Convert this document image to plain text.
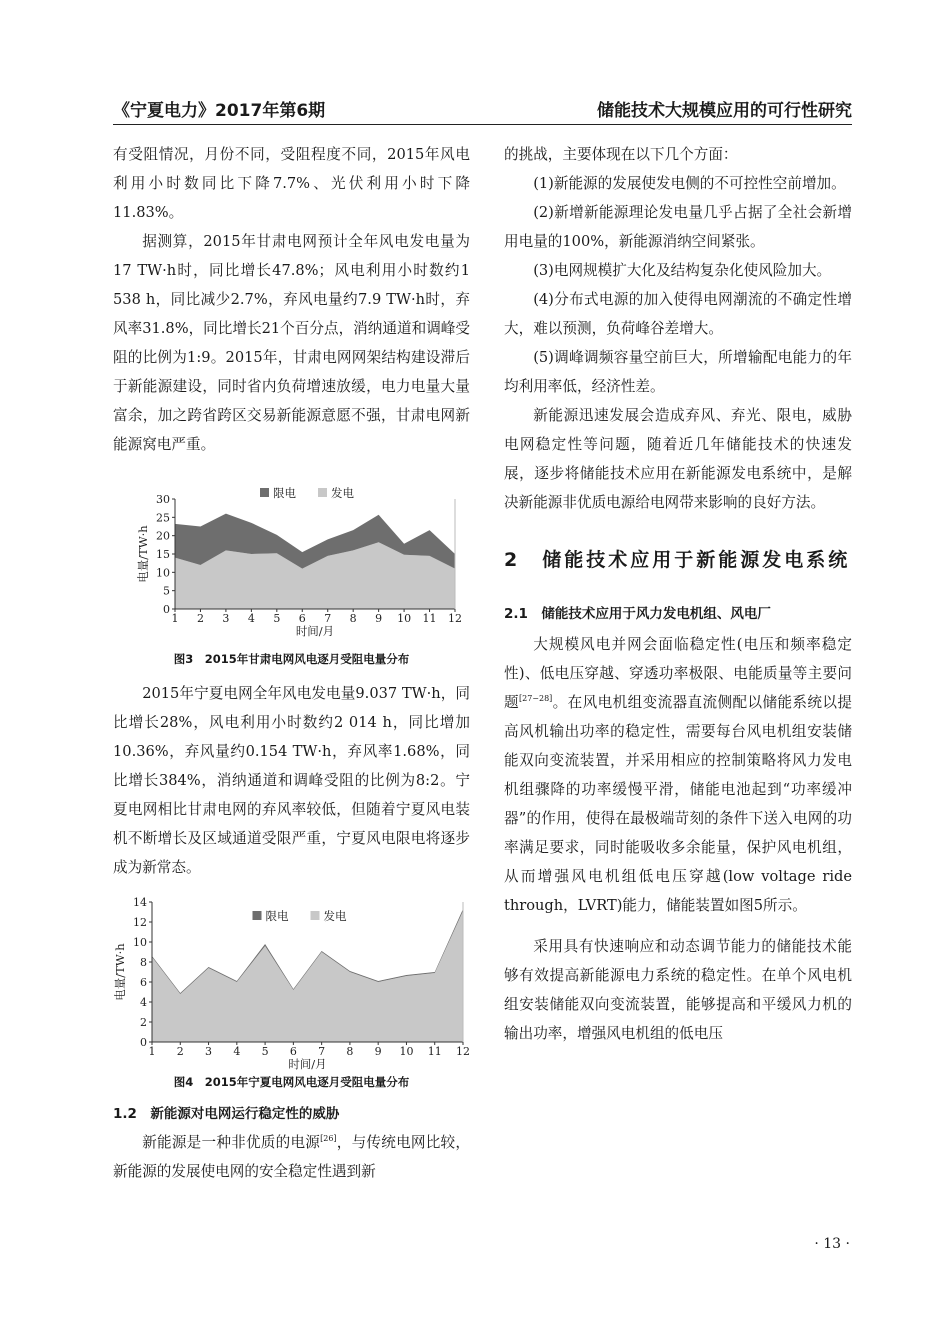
《宁夏电力》2017年第6期	储能技术大规模应用的可行性研究

有受阻情况，月份不同，受阻程度不同，2015年风电利用小时数同比下降7.7%、光伏利用小时下降11.83%。

据测算，2015年甘肃电网预计全年风电发电量为17 TW·h时，同比增长47.8%；风电利用小时数约1 538 h，同比减少2.7%，弃风电量约7.9 TW·h时，弃风率31.8%，同比增长21个百分点，消纳通道和调峰受阻的比例为1:9。2015年，甘肃电网网架结构建设滞后于新能源建设，同时省内负荷增速放缓，电力电量大量富余，加之跨省跨区交易新能源意愿不强，甘肃电网新能源窝电严重。

限电	发电
0
5
10
15
20
25
30
1 2 3 4 5 6 7 8 9 10 11 12
时间/月
电量/TW·h
图3　2015年甘肃电网风电逐月受阻电量分布

2015年宁夏电网全年风电发电量9.037 TW·h，同比增长28%，风电利用小时数约2 014 h，同比增加10.36%，弃风量约0.154 TW·h，弃风率1.68%，同比增长384%，消纳通道和调峰受阻的比例为8:2。宁夏电网相比甘肃电网的弃风率较低，但随着宁夏风电装机不断增长及区域通道受限严重，宁夏风电限电将逐步成为新常态。

限电	发电
0
2
4
6
8
10
12
14
1 2 3 4 5 6 7 8 9 10 11 12
时间/月
电量/TW·h
图4　2015年宁夏电网风电逐月受阻电量分布
1.2　新能源对电网运行稳定性的威胁

新能源是一种非优质的电源[26]，与传统电网比较，新能源的发展使电网的安全稳定性遇到新

的挑战，主要体现在以下几个方面：

(1)新能源的发展使发电侧的不可控性空前增加。

(2)新增新能源理论发电量几乎占据了全社会新增用电量的100%，新能源消纳空间紧张。

(3)电网规模扩大化及结构复杂化使风险加大。

(4)分布式电源的加入使得电网潮流的不确定性增大，难以预测，负荷峰谷差增大。

(5)调峰调频容量空前巨大，所增输配电能力的年均利用率低，经济性差。

新能源迅速发展会造成弃风、弃光、限电，威胁电网稳定性等问题，随着近几年储能技术的快速发展，逐步将储能技术应用在新能源发电系统中，是解决新能源非优质电源给电网带来影响的良好方法。

2　储能技术应用于新能源发电系统
2.1　储能技术应用于风力发电机组、风电厂

大规模风电并网会面临稳定性(电压和频率稳定性)、低电压穿越、穿透功率极限、电能质量等主要问题[27−28]。在风电机组变流器直流侧配以储能系统以提高风机输出功率的稳定性，需要每台风电机组安装储能双向变流装置，并采用相应的控制策略将风力发电机组骤降的功率缓慢平滑，储能电池起到“功率缓冲器”的作用，使得在最极端苛刻的条件下送入电网的功率满足要求，同时能吸收多余能量，保护风电机组，从而增强风电机组低电压穿越(low voltage ride through，LVRT)能力，储能装置如图5所示。

采用具有快速响应和动态调节能力的储能技术能够有效提高新能源电力系统的稳定性。在单个风电机组安装储能双向变流装置，能够提高和平缓风力机的输出功率，增强风电机组的低电压

· 13 ·
